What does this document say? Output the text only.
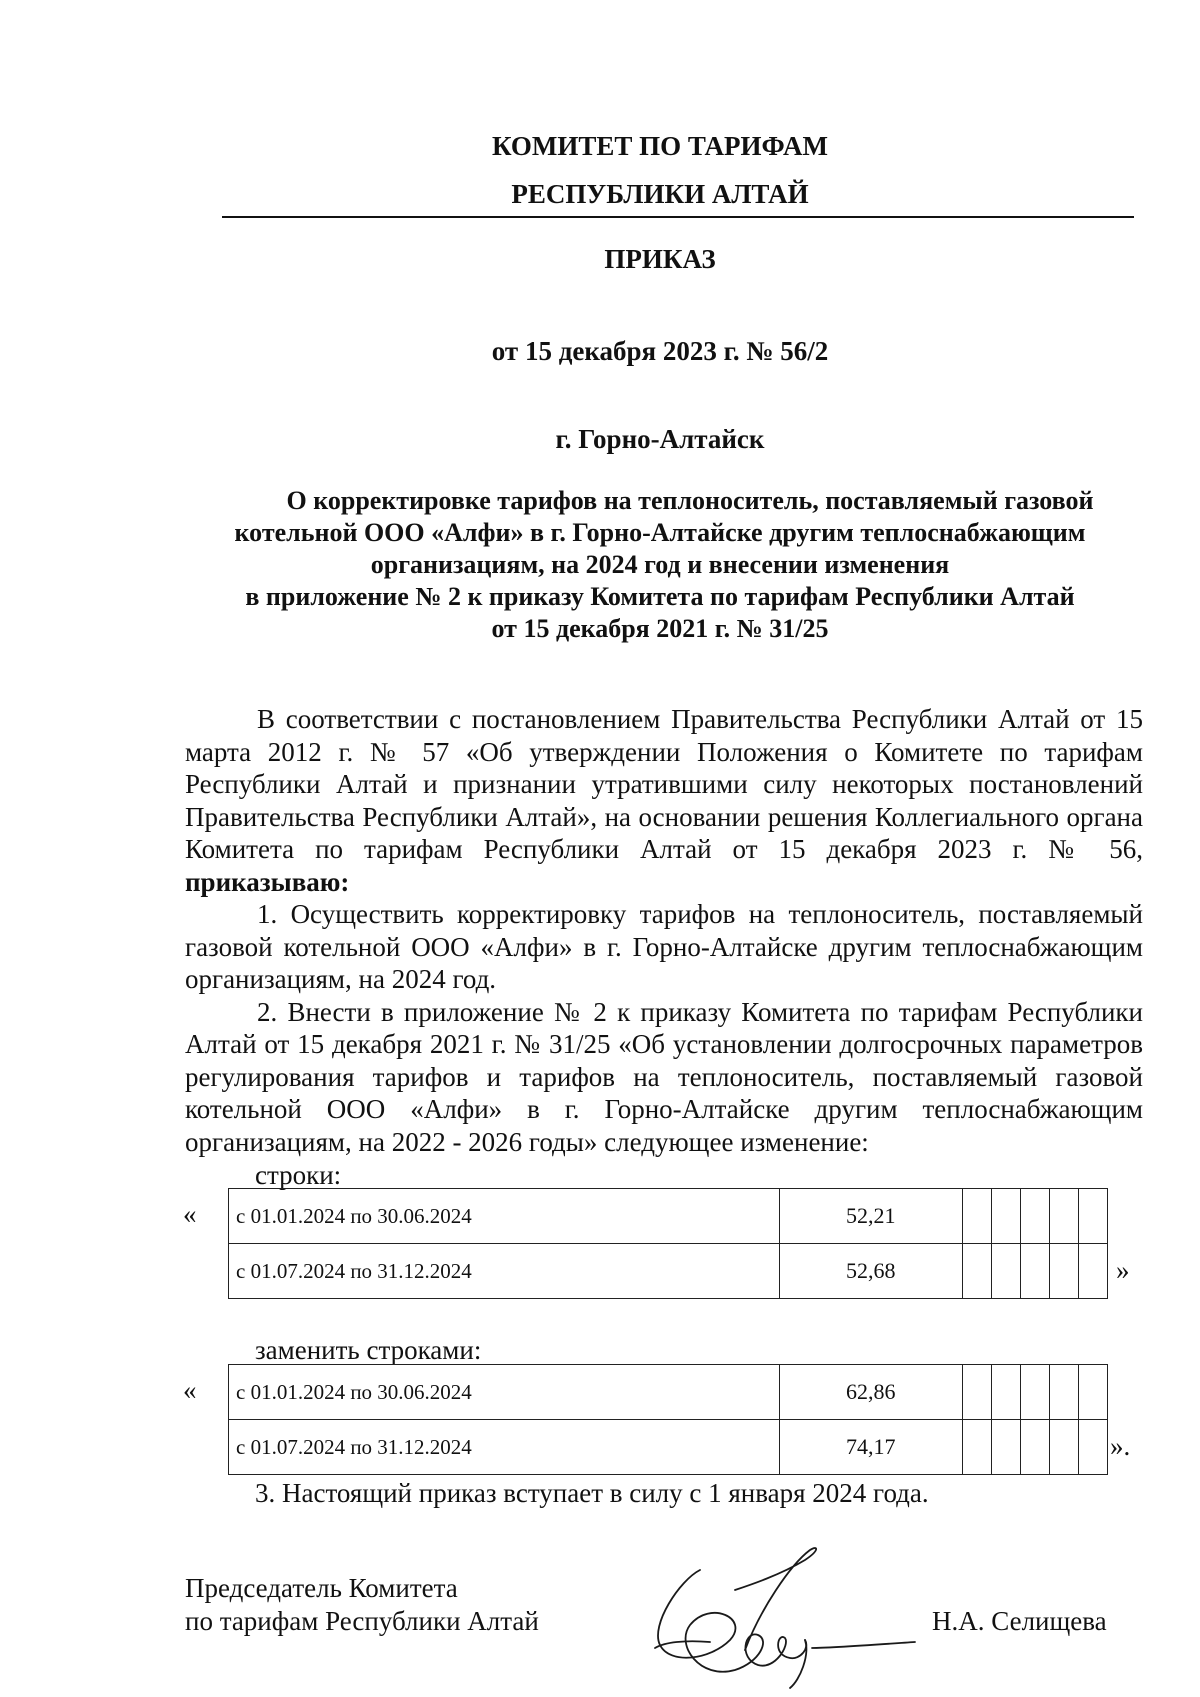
КОМИТЕТ ПО ТАРИФАМ
РЕСПУБЛИКИ АЛТАЙ
ПРИКАЗ
от 15 декабря 2023 г. № 56/2
г. Горно-Алтайск
О корректировке тарифов на теплоноситель, поставляемый газовой
котельной ООО «Алфи» в г. Горно-Алтайске другим теплоснабжающим
организациям, на 2024 год и внесении изменения
в приложение № 2 к приказу Комитета по тарифам Республики Алтай
от 15 декабря 2021 г. № 31/25

В соответствии с постановлением Правительства Республики Алтай от 15 марта 2012 г. № 57 «Об утверждении Положения о Комитете по тарифам Республики Алтай и признании утратившими силу некоторых постановлений Правительства Республики Алтай», на основании решения Коллегиального органа Комитета по тарифам Республики Алтай от 15 декабря 2023 г. № 56, приказываю:

1. Осуществить корректировку тарифов на теплоноситель, поставляемый газовой котельной ООО «Алфи» в г. Горно-Алтайске другим теплоснабжающим организациям, на 2024 год.

2. Внести в приложение № 2 к приказу Комитета по тарифам Республики Алтай от 15 декабря 2021 г. № 31/25 «Об установлении долгосрочных параметров регулирования тарифов и тарифов на теплоноситель, поставляемый газовой котельной ООО «Алфи» в г. Горно-Алтайске другим теплоснабжающим организациям, на 2022 - 2026 годы» следующее изменение:

строки:
« с 01.01.2024 по 30.06.2024	52,21					
с 01.07.2024 по 31.12.2024	52,68						»
заменить строками:
« с 01.01.2024 по 30.06.2024	62,86					
с 01.07.2024 по 31.12.2024	74,17						».
3. Настоящий приказ вступает в силу с 1 января 2024 года.
Председатель Комитета
по тарифам Республики Алтай	Н.А. Селищева
